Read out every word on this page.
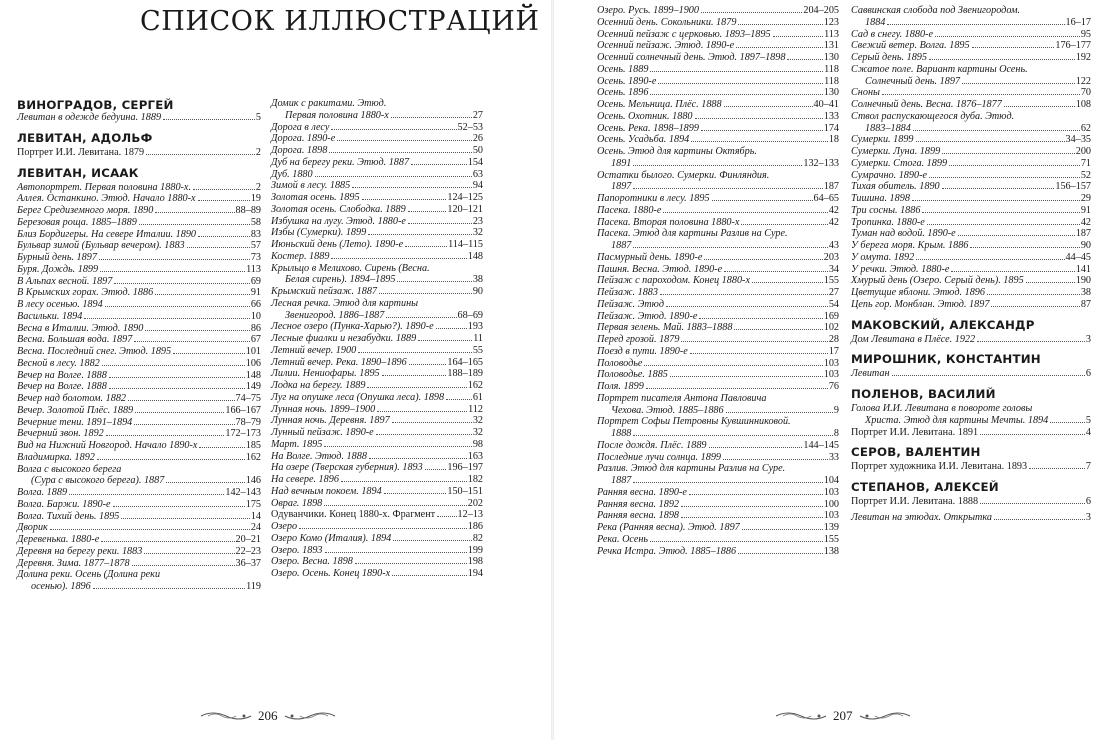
СПИСОК ИЛЛЮСТРАЦИЙ
ВИНОГРАДОВ, СЕРГЕЙ
Левитан в одежде бедуина. 1889	5
ЛЕВИТАН, АДОЛЬФ
Портрет И.И. Левитана. 1879	2
ЛЕВИТАН, ИСААК
Автопортрет. Первая половина 1880-х.	2
Аллея. Останкино. Этюд. Начало 1880-х	19
Берег Средиземного моря. 1890	88–89
Березовая роща. 1885–1889	58
Близ Бордигеры. На севере Италии. 1890	83
Бульвар зимой (Бульвар вечером). 1883	57
Бурный день. 1897	73
Буря. Дождь. 1899	113
В Альпах весной. 1897	69
В Крымских горах. Этюд. 1886	91
В лесу осенью. 1894	66
Васильки. 1894	10
Весна в Италии. Этюд. 1890	86
Весна. Большая вода. 1897	67
Весна. Последний снег. Этюд. 1895	101
Весной в лесу. 1882	106
Вечер на Волге. 1888	148
Вечер на Волге. 1888	149
Вечер над болотом. 1882	74–75
Вечер. Золотой Плёс. 1889	166–167
Вечерние тени. 1891–1894	78–79
Вечерний звон. 1892	172–173
Вид на Нижний Новгород. Начало 1890-х	185
Владимирка. 1892	162
Волга с высокого берега
(Сура с высокого берега). 1887	146
Волга. 1889	142–143
Волга. Баржи. 1890-е	175
Волга. Тихий день. 1895	14
Дворик	24
Деревенька. 1880-е	20–21
Деревня на берегу реки. 1883	22–23
Деревня. Зима. 1877–1878	36–37
Долина реки. Осень (Долина реки
осенью). 1896	119
Домик с ракитами. Этюд.
Первая половина 1880-х	27
Дорога в лесу	52–53
Дорога. 1890-е	26
Дорога. 1898	50
Дуб на берегу реки. Этюд. 1887	154
Дуб. 1880	63
Зимой в лесу. 1885	94
Золотая осень. 1895	124–125
Золотая осень. Слободка. 1889	120–121
Избушка на лугу. Этюд. 1880-е	23
Избы (Сумерки). 1899	32
Июньский день (Лето). 1890-е	114–115
Костер. 1889	148
Крыльцо в Мелихово. Сирень (Весна.
Белая сирень). 1894–1895	38
Крымский пейзаж. 1887	90
Лесная речка. Этюд для картины
Звенигород. 1886–1887	68–69
Лесное озеро (Пунка-Харью?). 1890-е	193
Лесные фиалки и незабудки. 1889	11
Летний вечер. 1900	55
Летний вечер. Река. 1890–1896	164–165
Лилии. Нениофары. 1895	188–189
Лодка на берегу. 1889	162
Луг на опушке леса (Опушка леса). 1898	61
Лунная ночь. 1899–1900	112
Лунная ночь. Деревня. 1897	32
Лунный пейзаж. 1890-е	32
Март. 1895	98
На Волге. Этюд. 1888	163
На озере (Тверская губерния). 1893 196–197
На севере. 1896	182
Над вечным покоем. 1894	150–151
Овраг. 1898	202
Одуванчики. Конец 1880-х. Фрагмент 12–13
Озеро	186
Озеро Комо (Италия). 1894	82
Озеро. 1893	199
Озеро. Весна. 1898	198
Озеро. Осень. Конец 1890-х	194
206
Озеро. Русь. 1899–1900	204–205
Осенний день. Сокольники. 1879	123
Осенний пейзаж с церковью. 1893–1895	113
Осенний пейзаж. Этюд. 1890-е	131
Осенний солнечный день. Этюд. 1897–1898	130
Осень. 1889	118
Осень. 1890-е	118
Осень. 1896	130
Осень. Мельница. Плёс. 1888	40–41
Осень. Охотник. 1880	133
Осень. Река. 1898–1899	174
Осень. Усадьба. 1894	18
Осень. Этюд для картины Октябрь.
1891	132–133
Остатки былого. Сумерки. Финляндия.
1897	187
Папоротники в лесу. 1895	64–65
Пасека. 1880-е	42
Пасека. Вторая половина 1880-х	42
Пасека. Этюд для картины Разлив на Суре.
1887	43
Пасмурный день. 1890-е	203
Пашня. Весна. Этюд. 1890-е	34
Пейзаж с пароходом. Конец 1880-х	155
Пейзаж. 1883	27
Пейзаж. Этюд	54
Пейзаж. Этюд. 1890-е	169
Первая зелень. Май. 1883–1888	102
Перед грозой. 1879	28
Поезд в пути. 1890-е	17
Половодье	103
Половодье. 1885	103
Поля. 1899	76
Портрет писателя Антона Павловича
Чехова. Этюд. 1885–1886	9
Портрет Софьи Петровны Кувшинниковой.
1888	8
После дождя. Плёс. 1889	144–145
Последние лучи солнца. 1899	33
Разлив. Этюд для картины Разлив на Суре.
1887	104
Ранняя весна. 1890-е	103
Ранняя весна. 1892	100
Ранняя весна. 1898	103
Река (Ранняя весна). Этюд. 1897	139
Река. Осень	155
Речка Истра. Этюд. 1885–1886	138
Саввинская слобода под Звенигородом.
1884	16–17
Сад в снегу. 1880-е	95
Свежий ветер. Волга. 1895	176–177
Серый день. 1895	192
Сжатое поле. Вариант картины Осень.
Солнечный день. 1897	122
Сноны	70
Солнечный день. Весна. 1876–1877	108
Ствол распускающегося дуба. Этюд.
1883–1884	62
Сумерки. 1899	34–35
Сумерки. Луна. 1899	200
Сумерки. Стога. 1899	71
Сумрачно. 1890-е	52
Тихая обитель. 1890	156–157
Тишина. 1898	29
Три сосны. 1886	91
Тропинка. 1880-е	42
Туман над водой. 1890-е	187
У берега моря. Крым. 1886	90
У омута. 1892	44–45
У речки. Этюд. 1880-е	141
Хмурый день (Озеро. Серый день). 1895	190
Цветущие яблони. Этюд. 1896	38
Цепь гор. Монблан. Этюд. 1897	87
МАКОВСКИЙ, АЛЕКСАНДР
Дом Левитана в Плёсе. 1922	3
МИРОШНИК, КОНСТАНТИН
Левитан	6
ПОЛЕНОВ, ВАСИЛИЙ
Голова И.И. Левитана в повороте головы
Христа. Этюд для картины Мечты. 1894	5
Портрет И.И. Левитана. 1891	4
СЕРОВ, ВАЛЕНТИН
Портрет художника И.И. Левитана. 1893	7
СТЕПАНОВ, АЛЕКСЕЙ
Портрет И.И. Левитана. 1888	6
Левитан на этюдах. Открытка	3
207
